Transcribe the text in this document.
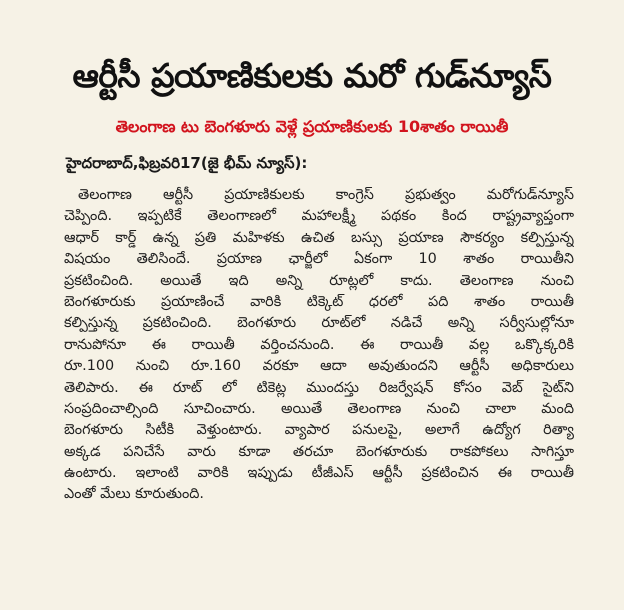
ఆర్టీసీ ప్రయాణికులకు మరో గుడ్‌న్యూస్
తెలంగాణ టు బెంగళూరు వెళ్లే ప్రయాణికులకు 10శాతం రాయితీ
హైదరాబాద్,ఫిబ్రవరి17(జై భీమ్ న్యూస్):
తెలంగాణ ఆర్టీసీ ప్రయాణికులకు కాంగ్రెస్ ప్రభుత్వం మరోగుడ్‌న్యూస్
చెప్పింది. ఇప్పటికే తెలంగాణలో మహాలక్ష్మీ పథకం కింద రాష్ట్రవ్యాప్తంగా
ఆధార్ కార్డ్ ఉన్న ప్రతి మహిళకు ఉచిత బస్సు ప్రయాణ సౌకర్యం కల్పిస్తున్న
విషయం తెలిసిందే. ప్రయాణ ఛార్జీలో ఏకంగా 10 శాతం రాయితీని
ప్రకటించింది. అయితే ఇది అన్ని రూట్లలో కాదు. తెలంగాణ నుంచి
బెంగళూరుకు ప్రయాణించే వారికి టిక్కెట్ ధరలో పది శాతం రాయితీ
కల్పిస్తున్న ప్రకటించింది. బెంగళూరు రూట్‌లో నడిచే అన్ని సర్వీసుల్లోనూ
రానుపోనూ ఈ రాయితీ వర్తించనుంది. ఈ రాయితీ వల్ల ఒక్కొక్కరికి
రూ.100 నుంచి రూ.160 వరకూ ఆదా అవుతుందని ఆర్టీసీ అధికారులు
తెలిపారు. ఈ రూట్ లో టికెట్ల ముందస్తు రిజర్వేషన్ కోసం వెబ్ సైట్‌ని
సంప్రదించాల్సింది సూచించారు. అయితే తెలంగాణ నుంచి చాలా మంది
బెంగళూరు సిటీకి వెళ్తుంటారు. వ్యాపార పనులపై, అలాగే ఉద్యోగ రిత్యా
అక్కడ పనిచేసే వారు కూడా తరచూ బెంగళూరుకు రాకపోకలు సాగిస్తూ
ఉంటారు. ఇలాంటి వారికి ఇప్పుడు టీజీఎస్ ఆర్టీసీ ప్రకటించిన ఈ రాయితీ
ఎంతో మేలు కూరుతుంది.
